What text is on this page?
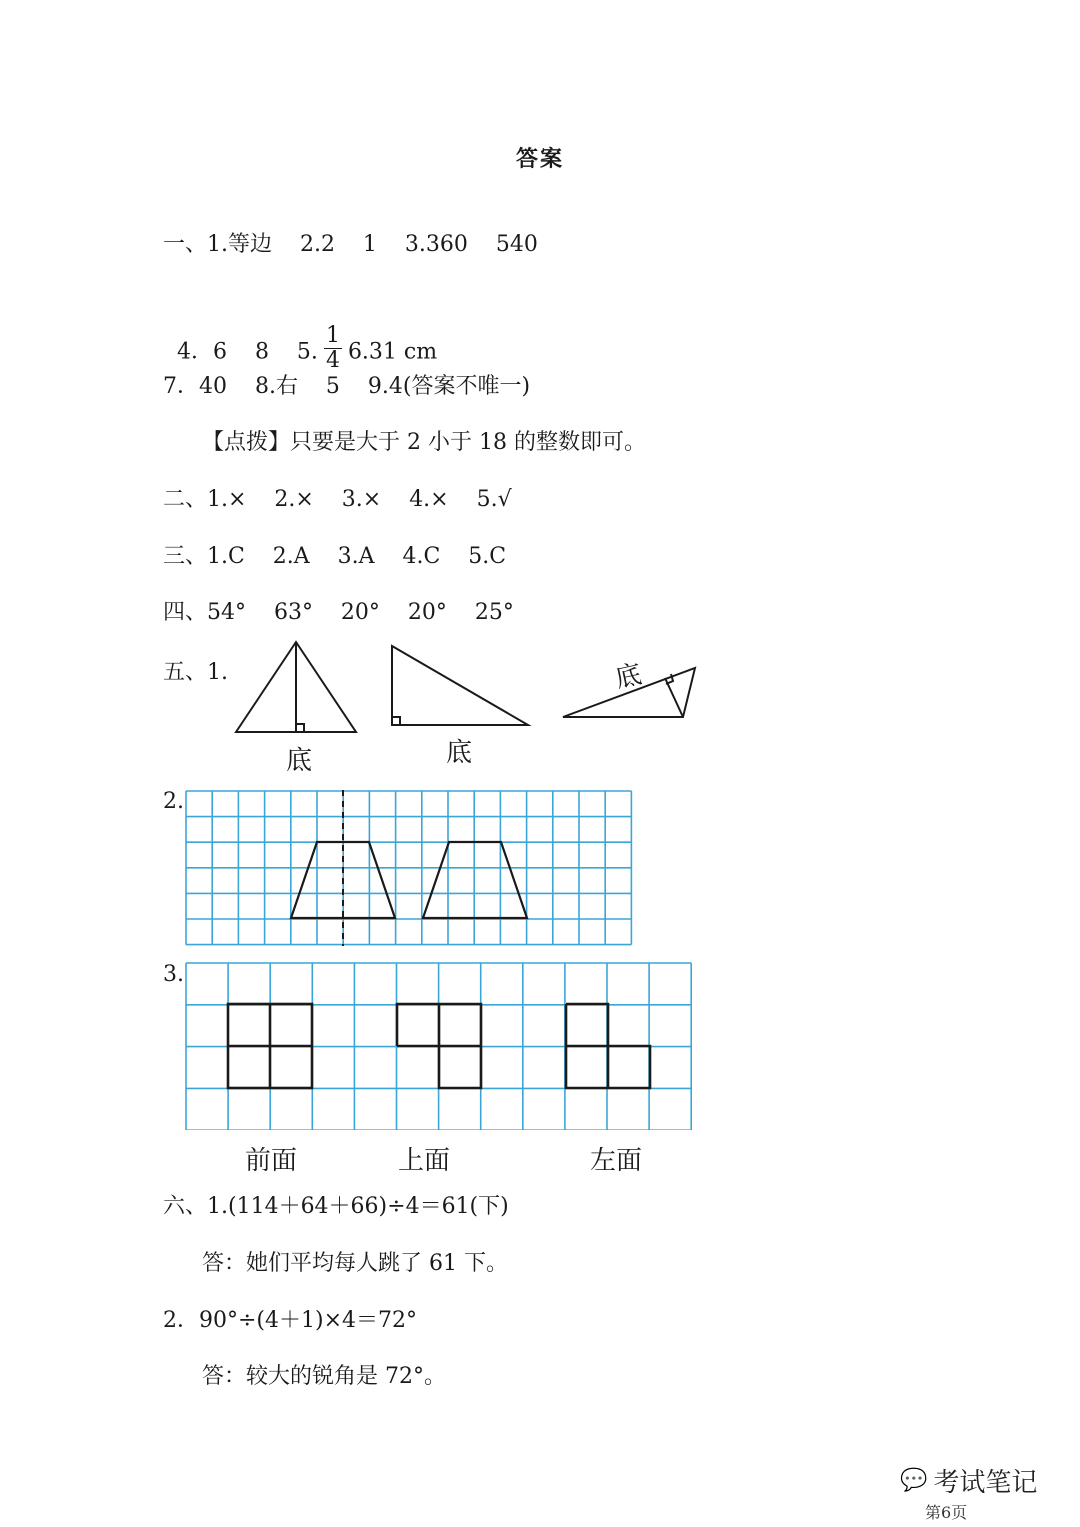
答案
一、1.等边    2.2    1    3.360    540

4．6    8    5. $\frac{1}{4} 6.31$ cm

7．40    8.右    5    9.4(答案不唯一)
【点拨】只要是大于 2 小于 18 的整数即可。
二、1.×    2.×    3.×    4.×    5.√
三、1.C    2.A    3.A    4.C    5.C
四、54°    63°    20°    20°    25°
五、1.
底	底
底
2.
3.
前面	上面	左面
六、1.(114＋64＋66)÷4＝61(下)
答：她们平均每人跳了 61 下。
2．90°÷(4＋1)×4＝72°
答：较大的锐角是 72°。
💬 考试笔记
第6页
